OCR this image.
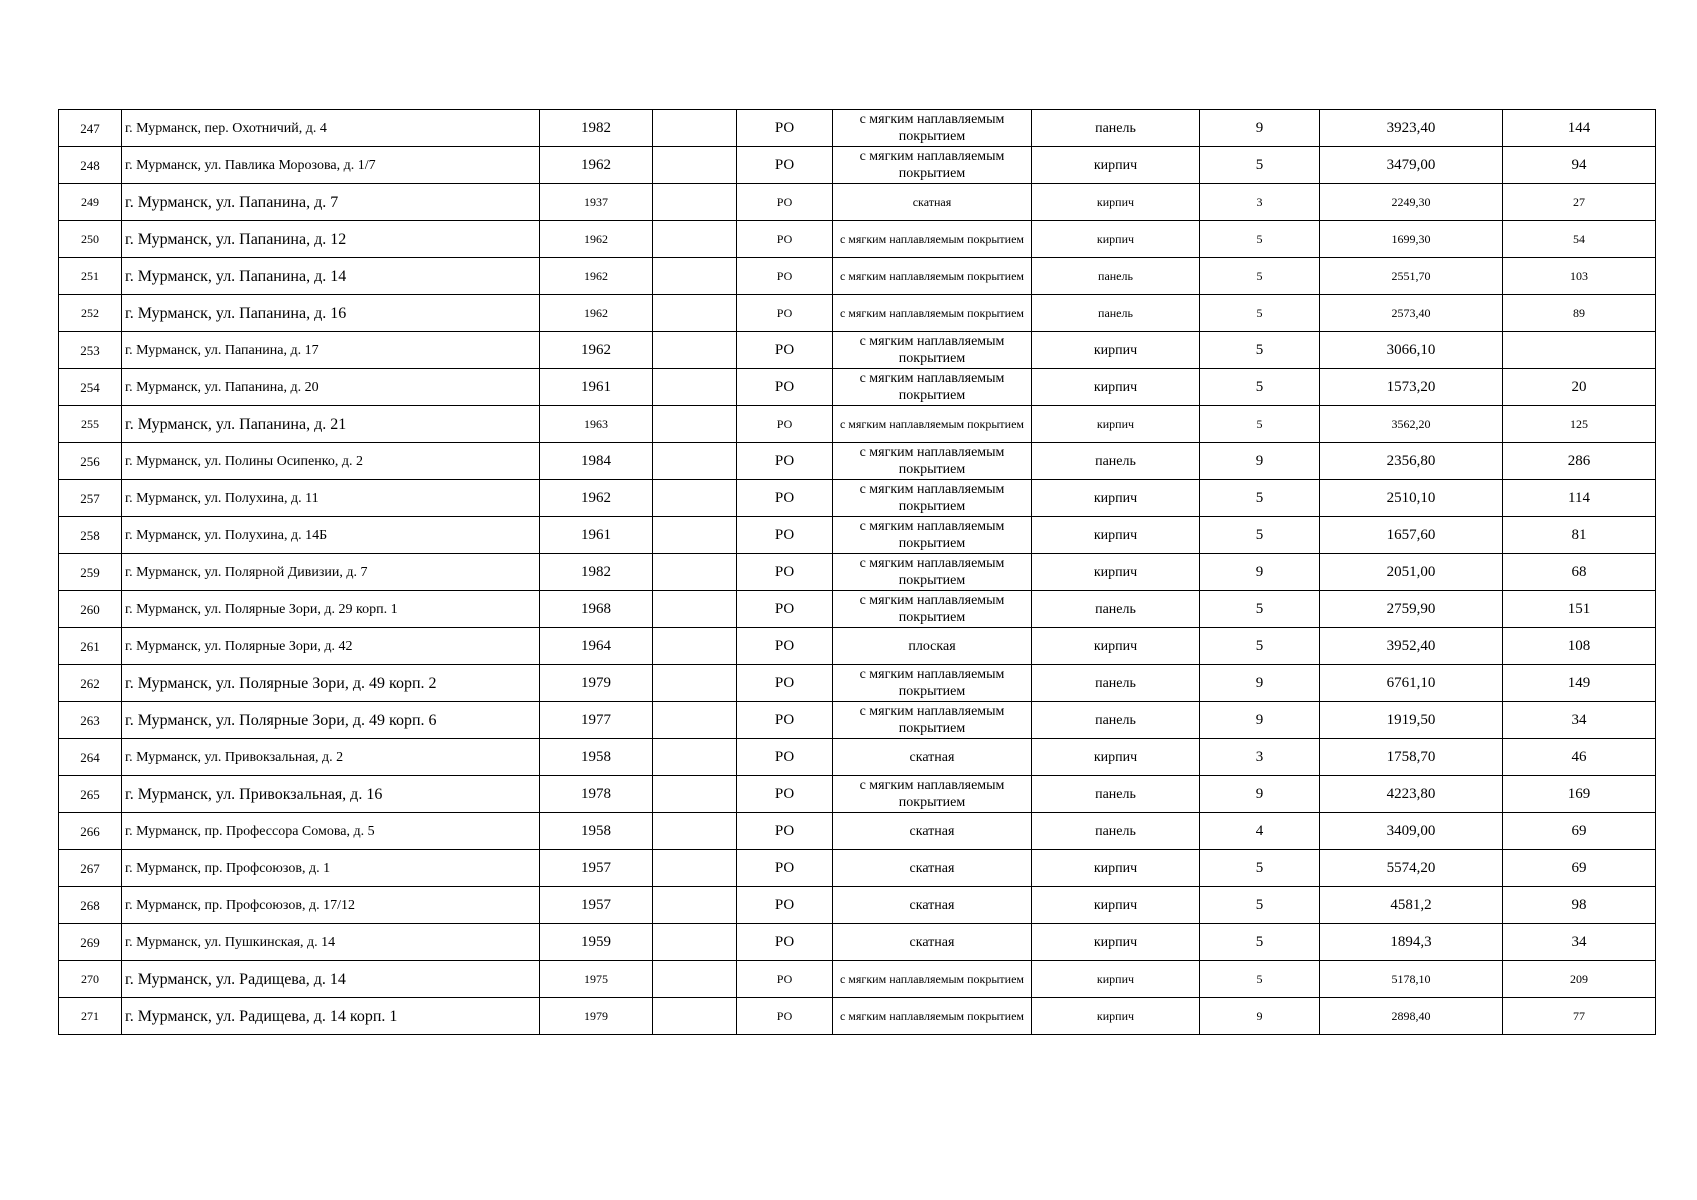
247	г. Мурманск, пер. Охотничий, д. 4	1982		РО	с мягким наплавляемым покрытием	панель	9	3923,40	144
248	г. Мурманск, ул. Павлика Морозова, д. 1/7	1962		РО	с мягким наплавляемым покрытием	кирпич	5	3479,00	94
249	г. Мурманск, ул. Папанина, д. 7	1937		РО	скатная	кирпич	3	2249,30	27
250	г. Мурманск, ул. Папанина, д. 12	1962		РО	с мягким наплавляемым покрытием	кирпич	5	1699,30	54
251	г. Мурманск, ул. Папанина, д. 14	1962		РО	с мягким наплавляемым покрытием	панель	5	2551,70	103
252	г. Мурманск, ул. Папанина, д. 16	1962		РО	с мягким наплавляемым покрытием	панель	5	2573,40	89
253	г. Мурманск, ул. Папанина, д. 17	1962		РО	с мягким наплавляемым покрытием	кирпич	5	3066,10	
254	г. Мурманск, ул. Папанина, д. 20	1961		РО	с мягким наплавляемым покрытием	кирпич	5	1573,20	20
255	г. Мурманск, ул. Папанина, д. 21	1963		РО	с мягким наплавляемым покрытием	кирпич	5	3562,20	125
256	г. Мурманск, ул. Полины Осипенко, д. 2	1984		РО	с мягким наплавляемым покрытием	панель	9	2356,80	286
257	г. Мурманск, ул. Полухина, д. 11	1962		РО	с мягким наплавляемым покрытием	кирпич	5	2510,10	114
258	г. Мурманск, ул. Полухина, д. 14Б	1961		РО	с мягким наплавляемым покрытием	кирпич	5	1657,60	81
259	г. Мурманск, ул. Полярной Дивизии, д. 7	1982		РО	с мягким наплавляемым покрытием	кирпич	9	2051,00	68
260	г. Мурманск, ул. Полярные Зори, д. 29 корп. 1	1968		РО	с мягким наплавляемым покрытием	панель	5	2759,90	151
261	г. Мурманск, ул. Полярные Зори, д. 42	1964		РО	плоская	кирпич	5	3952,40	108
262	г. Мурманск, ул. Полярные Зори, д. 49 корп. 2	1979		РО	с мягким наплавляемым покрытием	панель	9	6761,10	149
263	г. Мурманск, ул. Полярные Зори, д. 49 корп. 6	1977		РО	с мягким наплавляемым покрытием	панель	9	1919,50	34
264	г. Мурманск, ул. Привокзальная, д. 2	1958		РО	скатная	кирпич	3	1758,70	46
265	г. Мурманск, ул. Привокзальная, д. 16	1978		РО	с мягким наплавляемым покрытием	панель	9	4223,80	169
266	г. Мурманск, пр. Профессора Сомова, д. 5	1958		РО	скатная	панель	4	3409,00	69
267	г. Мурманск, пр. Профсоюзов, д. 1	1957		РО	скатная	кирпич	5	5574,20	69
268	г. Мурманск, пр. Профсоюзов, д. 17/12	1957		РО	скатная	кирпич	5	4581,2	98
269	г. Мурманск, ул. Пушкинская, д. 14	1959		РО	скатная	кирпич	5	1894,3	34
270	г. Мурманск, ул. Радищева, д. 14	1975		РО	с мягким наплавляемым покрытием	кирпич	5	5178,10	209
271	г. Мурманск, ул. Радищева, д. 14 корп. 1	1979		РО	с мягким наплавляемым покрытием	кирпич	9	2898,40	77
